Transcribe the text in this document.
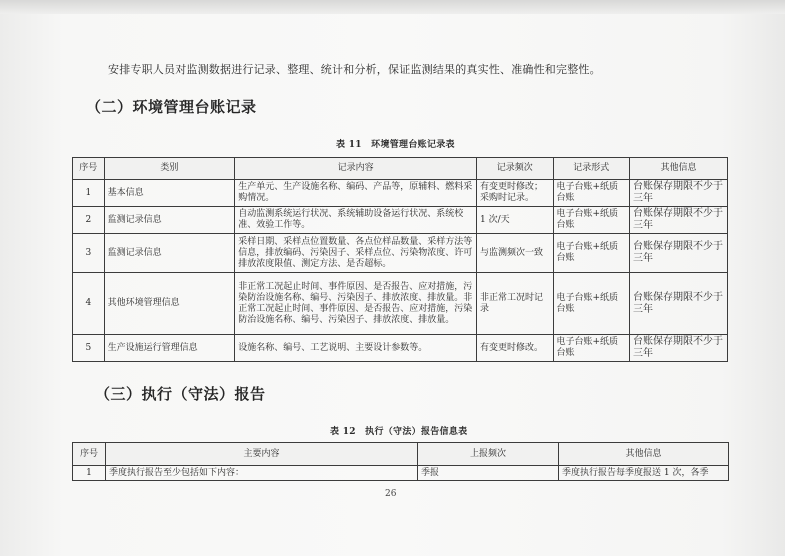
安排专职人员对监测数据进行记录、整理、统计和分析，保证监测结果的真实性、准确性和完整性。
（二）环境管理台账记录
表 11　环境管理台账记录表
序号	类别	记录内容	记录频次	记录形式	其他信息
1	基本信息	生产单元、生产设施名称、编码、产品等，原辅料、燃料采购情况。	有变更时修改；采购时记录。	电子台账+纸质台账	台账保存期限不少于三年
2	监测记录信息	自动监测系统运行状况、系统辅助设备运行状况、系统校准、效验工作等。	1 次/天	电子台账+纸质台账	台账保存期限不少于三年
3	监测记录信息	采样日期、采样点位置数量、各点位样品数量、采样方法等信息，排放编码、污染因子、采样点位、污染物浓度、许可排放浓度限值、测定方法、是否超标。	与监测频次一致	电子台账+纸质台账	台账保存期限不少于三年
4	其他环境管理信息	非正常工况起止时间、事件原因、是否报告、应对措施，污染防治设施名称、编号、污染因子、排放浓度、排放量。非正常工况起止时间、事件原因、是否报告、应对措施，污染防治设施名称、编号、污染因子、排放浓度、排放量。	非正常工况时记录	电子台账+纸质台账	台账保存期限不少于三年
5	生产设施运行管理信息	设施名称、编号、工艺说明、主要设计参数等。	有变更时修改。	电子台账+纸质台账	台账保存期限不少于三年
（三）执行（守法）报告
表 12　执行（守法）报告信息表
序号	主要内容	上报频次	其他信息
1	季度执行报告至少包括如下内容：	季报	季度执行报告每季度报送 1 次，各季
26
